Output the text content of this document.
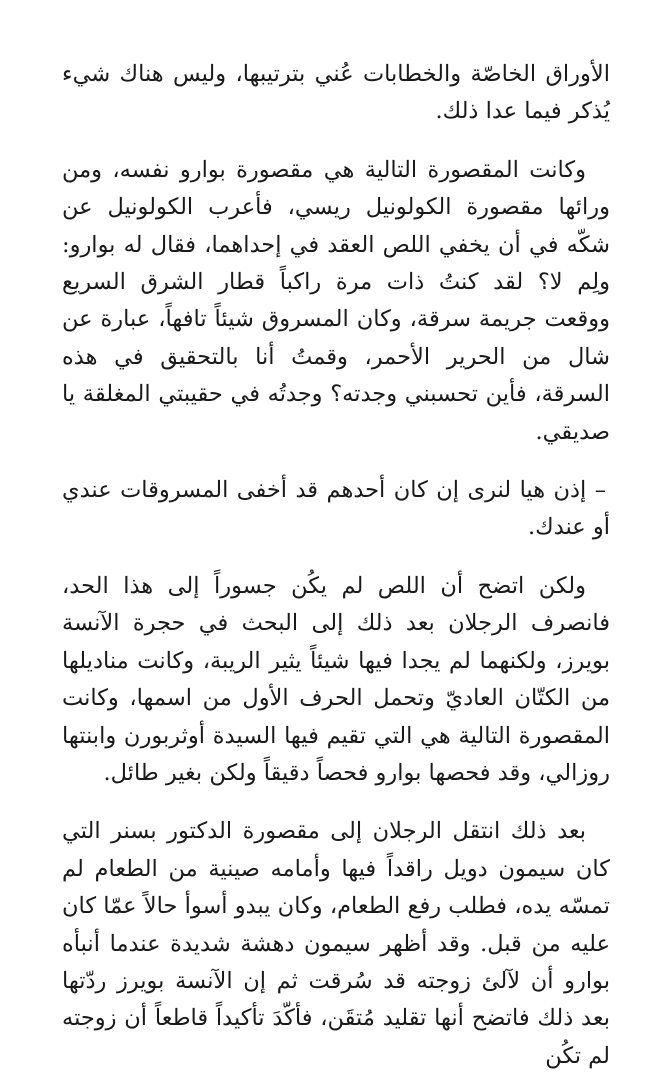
الأوراق الخاصّة والخطابات عُني بترتيبها، وليس هناك شيء يُذكر فيما عدا ذلك.

وكانت المقصورة التالية هي مقصورة بوارو نفسه، ومن ورائها مقصورة الكولونيل ريسي، فأعرب الكولونيل عن شكّه في أن يخفي اللص العقد في إحداهما، فقال له بوارو: ولِم لا؟ لقد كنتُ ذات مرة راكباً قطار الشرق السريع ووقعت جريمة سرقة، وكان المسروق شيئاً تافهاً، عبارة عن شال من الحرير الأحمر، وقمتُ أنا بالتحقيق في هذه السرقة، فأين تحسبني وجدته؟ وجدتُه في حقيبتي المغلقة يا صديقي.

– إذن هيا لنرى إن كان أحدهم قد أخفى المسروقات عندي أو عندك.

ولكن اتضح أن اللص لم يكُن جسوراً إلى هذا الحد، فانصرف الرجلان بعد ذلك إلى البحث في حجرة الآنسة بويرز، ولكنهما لم يجدا فيها شيئاً يثير الريبة، وكانت مناديلها من الكتّان العاديّ وتحمل الحرف الأول من اسمها، وكانت المقصورة التالية هي التي تقيم فيها السيدة أوثربورن وابنتها روزالي، وقد فحصها بوارو فحصاً دقيقاً ولكن بغير طائل.

بعد ذلك انتقل الرجلان إلى مقصورة الدكتور بسنر التي كان سيمون دويل راقداً فيها وأمامه صينية من الطعام لم تمسّه يده، فطلب رفع الطعام، وكان يبدو أسوأ حالاً عمّا كان عليه من قبل. وقد أظهر سيمون دهشة شديدة عندما أنبأه بوارو أن لآلئ زوجته قد سُرقت ثم إن الآنسة بويرز ردّتها بعد ذلك فاتضح أنها تقليد مُتقَن، فأكّدَ تأكيداً قاطعاً أن زوجته لم تكُن
